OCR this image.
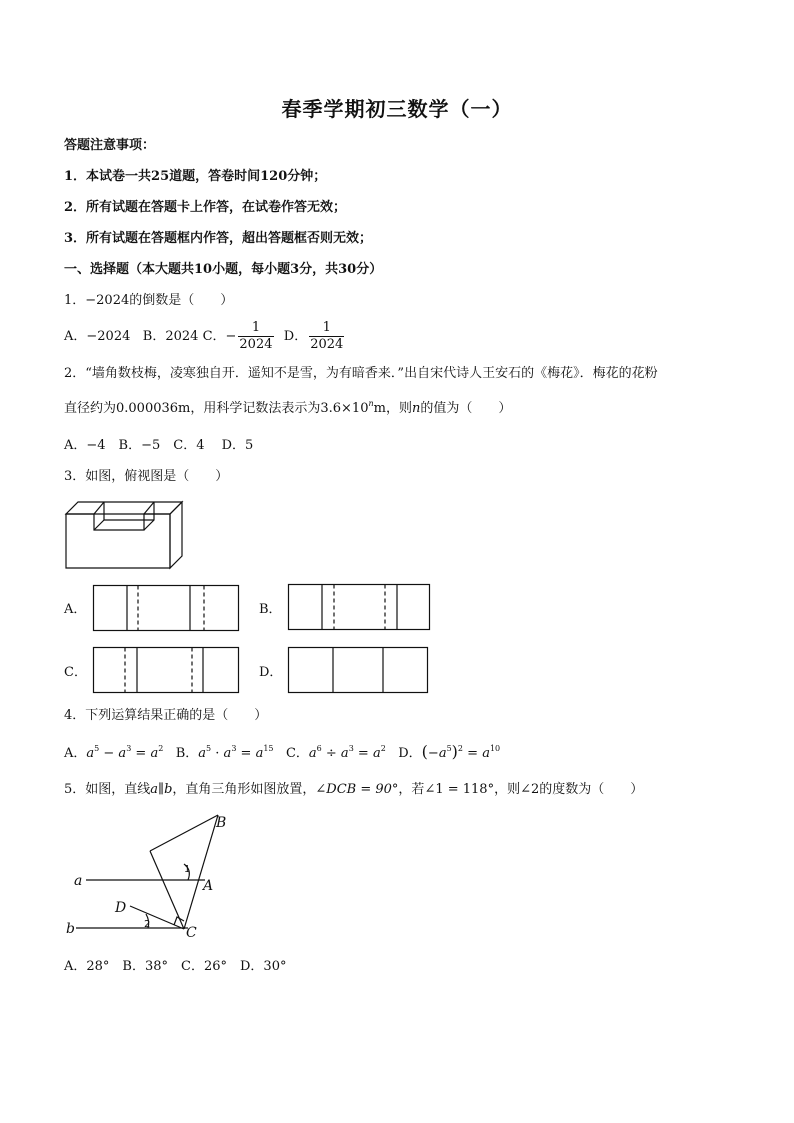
春季学期初三数学（一）
答题注意事项：
1．本试卷一共25道题，答卷时间120分钟；
2．所有试题在答题卡上作答，在试卷作答无效；
3．所有试题在答题框内作答，超出答题框否则无效；
一、选择题（本大题共10小题，每小题3分，共30分）
1．−2024的倒数是（　　）
A．−2024 B．2024 C．− $\frac{1}{2024}$ D． $\frac{1}{2024}$
2．“墙角数枝梅，凌寒独自开．遥知不是雪，为有暗香来．”出自宋代诗人王安石的《梅花》．梅花的花粉
直径约为0.000036m，用科学记数法表示为$3.6\times 10^nm$，则n的值为（　　）
A．−4　B．−5　C．4　 D．5
3．如图，俯视图是（　　）
A．	B．
C．	D．
4．下列运算结果正确的是（　　）
A．$a^5 - a^3 = a^2$ B．$a^5 \cdot a^3 = a^{15}$ C．$a^6 \div a^3 = a^2$ D．$(-a^5)^2 = a^{10}$
5．如图，直线a∥b，直角三角形如图放置，∠DCB = 90°，若∠1 = 118°，则∠2的度数为（　　）
B
A
D
C
a
b
1
2
A．28°　B．38°　C．26°　D．30°
